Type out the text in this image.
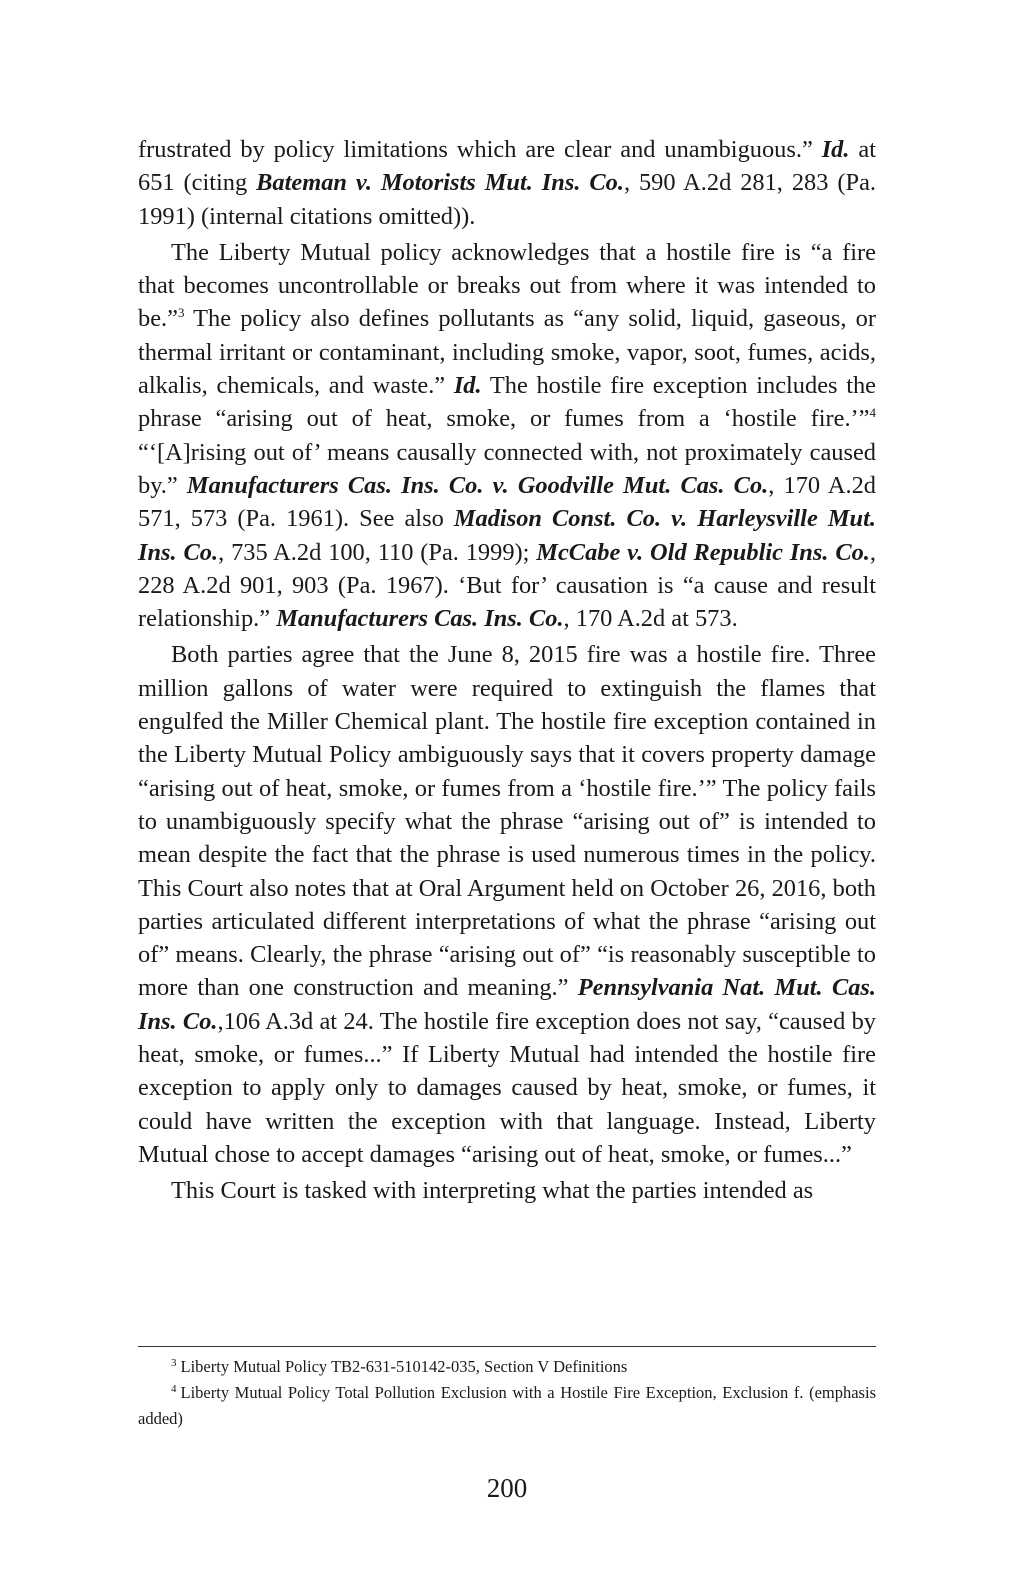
frustrated by policy limitations which are clear and unambiguous.” Id. at 651 (citing Bateman v. Motorists Mut. Ins. Co., 590 A.2d 281, 283 (Pa. 1991) (internal citations omitted)).

The Liberty Mutual policy acknowledges that a hostile fire is “a fire that becomes uncontrollable or breaks out from where it was intended to be.”$^3$ The policy also defines pollutants as “any solid, liquid, gaseous, or thermal irritant or contaminant, including smoke, vapor, soot, fumes, acids, alkalis, chemicals, and waste.” Id. The hostile fire exception includes the phrase “arising out of heat, smoke, or fumes from a ‘hostile fire.’”$^4$ “‘[A]rising out of’ means causally connected with, not proximately caused by.” Manufacturers Cas. Ins. Co. v. Goodville Mut. Cas. Co., 170 A.2d 571, 573 (Pa. 1961). See also Madison Const. Co. v. Harleysville Mut. Ins. Co., 735 A.2d 100, 110 (Pa. 1999); McCabe v. Old Republic Ins. Co., 228 A.2d 901, 903 (Pa. 1967). ‘But for’ causation is “a cause and result relationship.” Manufacturers Cas. Ins. Co., 170 A.2d at 573.

Both parties agree that the June 8, 2015 fire was a hostile fire. Three million gallons of water were required to extinguish the flames that engulfed the Miller Chemical plant. The hostile fire exception contained in the Liberty Mutual Policy ambiguously says that it covers property damage “arising out of heat, smoke, or fumes from a ‘hostile fire.’” The policy fails to unambiguously specify what the phrase “arising out of” is intended to mean despite the fact that the phrase is used numerous times in the policy. This Court also notes that at Oral Argument held on October 26, 2016, both parties articulated different interpretations of what the phrase “arising out of” means. Clearly, the phrase “arising out of” “is reasonably susceptible to more than one construction and meaning.” Pennsylvania Nat. Mut. Cas. Ins. Co.,106 A.3d at 24. The hostile fire exception does not say, “caused by heat, smoke, or fumes...” If Liberty Mutual had intended the hostile fire exception to apply only to damages caused by heat, smoke, or fumes, it could have written the exception with that language. Instead, Liberty Mutual chose to accept damages “arising out of heat, smoke, or fumes...”

This Court is tasked with interpreting what the parties intended as

$^3$ Liberty Mutual Policy TB2-631-510142-035, Section V Definitions

$^4$ Liberty Mutual Policy Total Pollution Exclusion with a Hostile Fire Exception, Exclusion f. (emphasis added)

200
